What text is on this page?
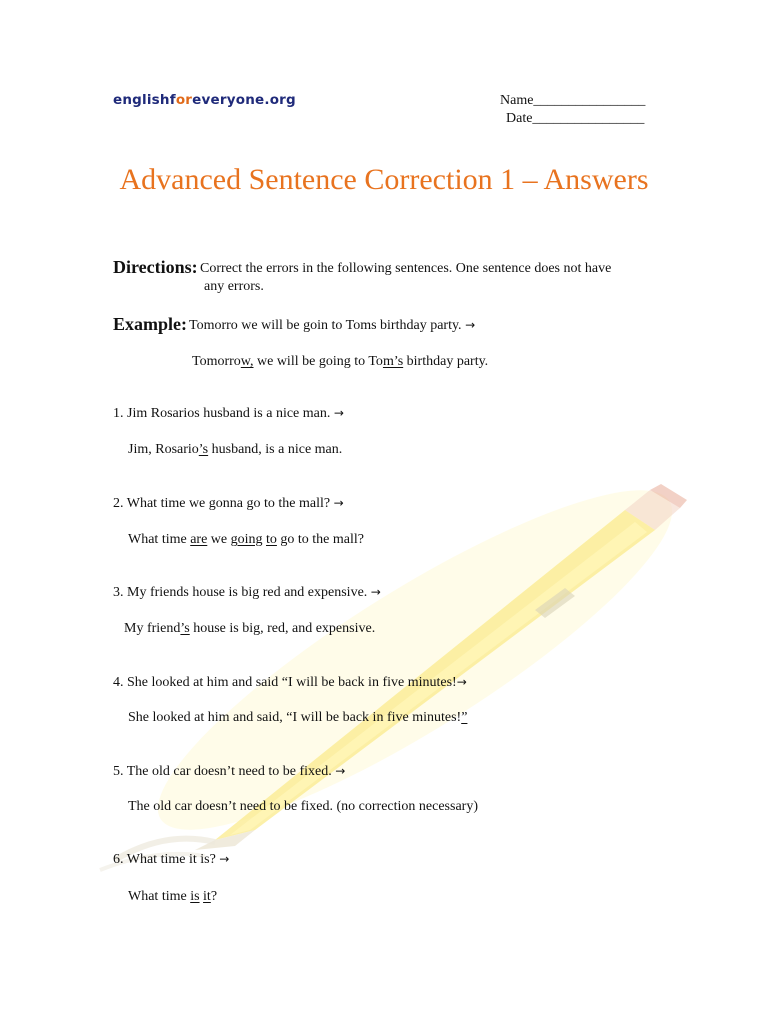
englishforeveryone.org	Name________________
Date________________
Advanced Sentence Correction 1 – Answers
Directions: Correct the errors in the following sentences. One sentence does not have
any errors.
Example: Tomorro we will be goin to Toms birthday party. →
Tomorrow, we will be going to Tom’s birthday party.
1. Jim Rosarios husband is a nice man. →
Jim, Rosario’s husband, is a nice man.
2. What time we gonna go to the mall? →
What time are we going to go to the mall?
3. My friends house is big red and expensive. →
My friend’s house is big, red, and expensive.
4. She looked at him and said “I will be back in five minutes!→
She looked at him and said, “I will be back in five minutes!”
5. The old car doesn’t need to be fixed. →
The old car doesn’t need to be fixed. (no correction necessary)
6. What time it is? →
What time is it?
